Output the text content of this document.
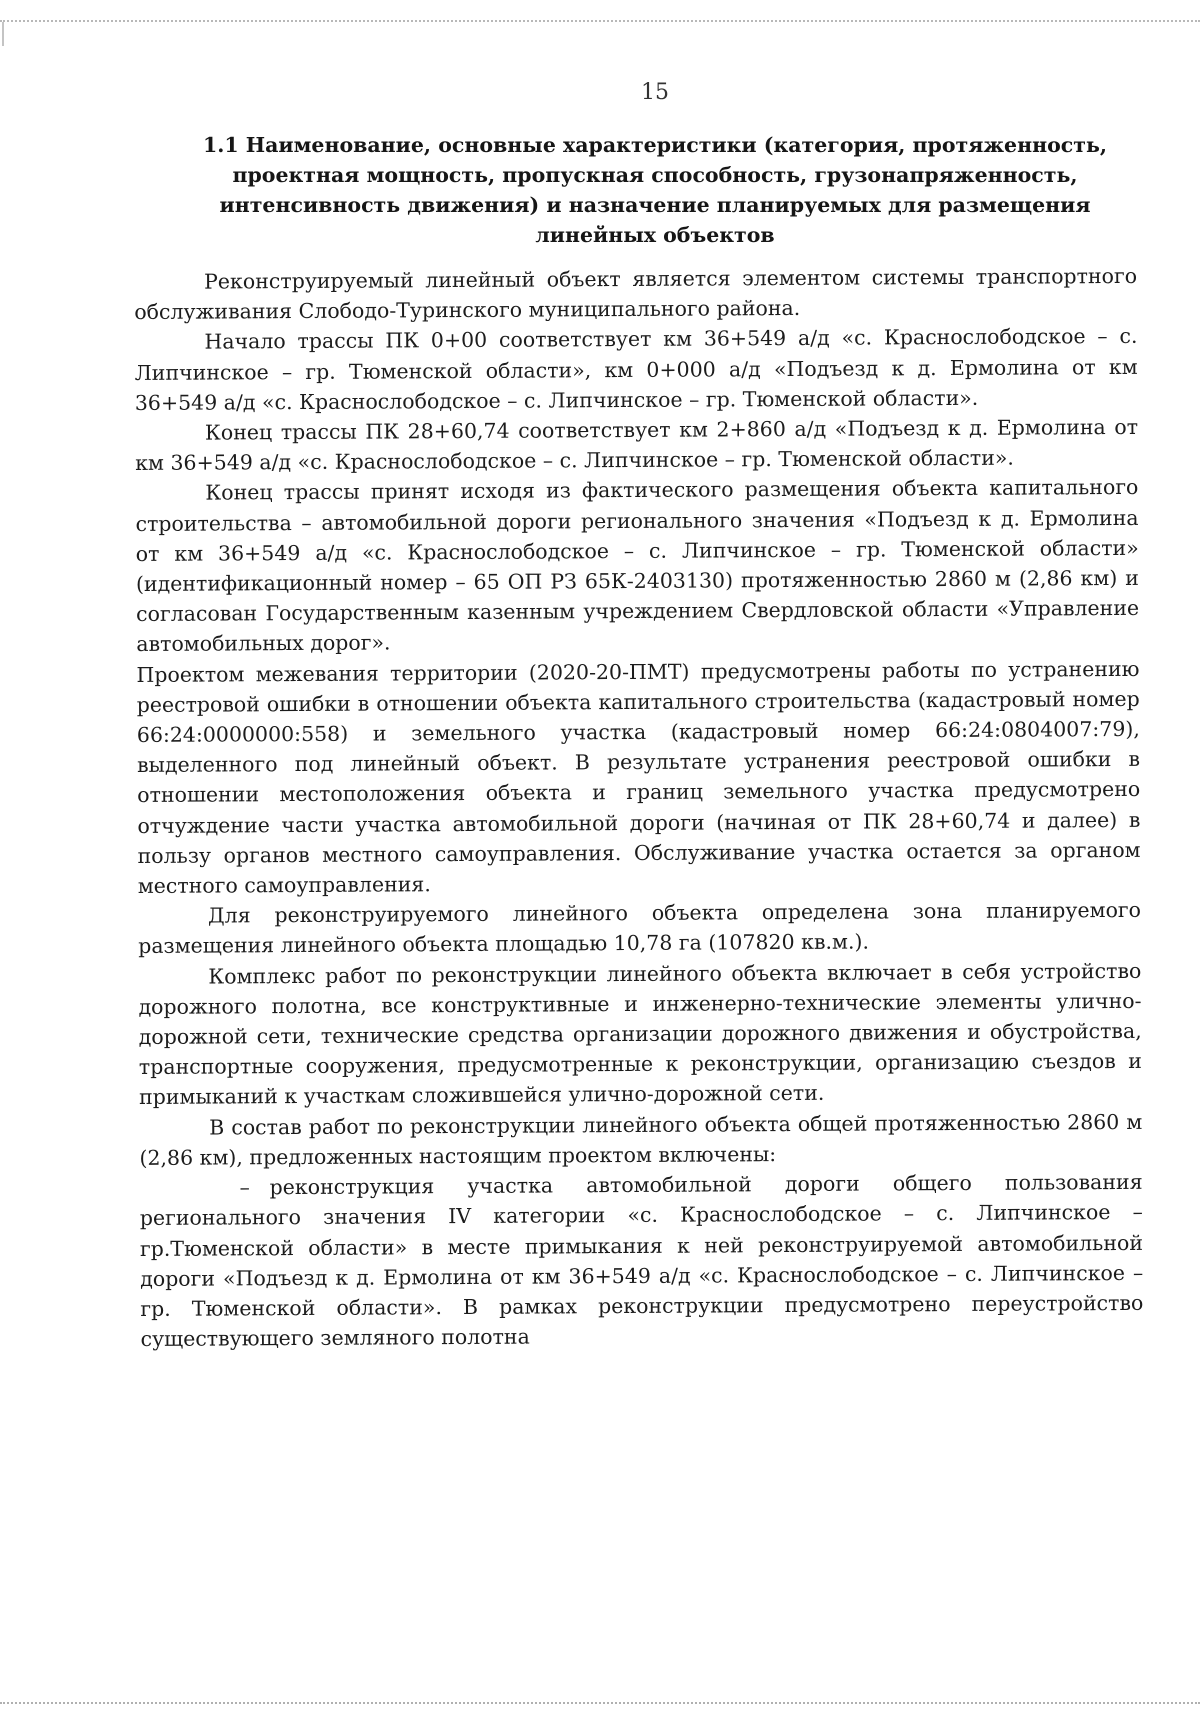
15
1.1 Наименование, основные характеристики (категория, протяженность, проектная мощность, пропускная способность, грузонапряженность, интенсивность движения) и назначение планируемых для размещения линейных объектов

Реконструируемый линейный объект является элементом системы транспортного обслуживания Слободо-Туринского муниципального района.

Начало трассы ПК 0+00 соответствует км 36+549 а/д «с. Краснослободское – с. Липчинское – гр. Тюменской области», км 0+000 а/д «Подъезд к д. Ермолина от км 36+549 а/д «с. Краснослободское – с. Липчинское – гр. Тюменской области».

Конец трассы ПК 28+60,74 соответствует км 2+860 а/д «Подъезд к д. Ермолина от км 36+549 а/д «с. Краснослободское – с. Липчинское – гр. Тюменской области».

Конец трассы принят исходя из фактического размещения объекта капитального строительства – автомобильной дороги регионального значения «Подъезд к д. Ермолина от км 36+549 а/д «с. Краснослободское – с. Липчинское – гр. Тюменской области» (идентификационный номер – 65 ОП РЗ 65К-2403130) протяженностью 2860 м (2,86 км) и согласован Государственным казенным учреждением Свердловской области «Управление автомобильных дорог».

Проектом межевания территории (2020-20-ПМТ) предусмотрены работы по устранению реестровой ошибки в отношении объекта капитального строительства (кадастровый номер 66:24:0000000:558) и земельного участка (кадастровый номер 66:24:0804007:79), выделенного под линейный объект. В результате устранения реестровой ошибки в отношении местоположения объекта и границ земельного участка предусмотрено отчуждение части участка автомобильной дороги (начиная от ПК 28+60,74 и далее) в пользу органов местного самоуправления. Обслуживание участка остается за органом местного самоуправления.

Для реконструируемого линейного объекта определена зона планируемого размещения линейного объекта площадью 10,78 га (107820 кв.м.).

Комплекс работ по реконструкции линейного объекта включает в себя устройство дорожного полотна, все конструктивные и инженерно-технические элементы улично-дорожной сети, технические средства организации дорожного движения и обустройства, транспортные сооружения, предусмотренные к реконструкции, организацию съездов и примыканий к участкам сложившейся улично-дорожной сети.

В состав работ по реконструкции линейного объекта общей протяженностью 2860 м (2,86 км), предложенных настоящим проектом включены:

– реконструкция участка автомобильной дороги общего пользования регионального значения IV категории «с. Краснослободское – с. Липчинское – гр.Тюменской области» в месте примыкания к ней реконструируемой автомобильной дороги «Подъезд к д. Ермолина от км 36+549 а/д «с. Краснослободское – с. Липчинское – гр. Тюменской области». В рамках реконструкции предусмотрено переустройство существующего земляного полотна
